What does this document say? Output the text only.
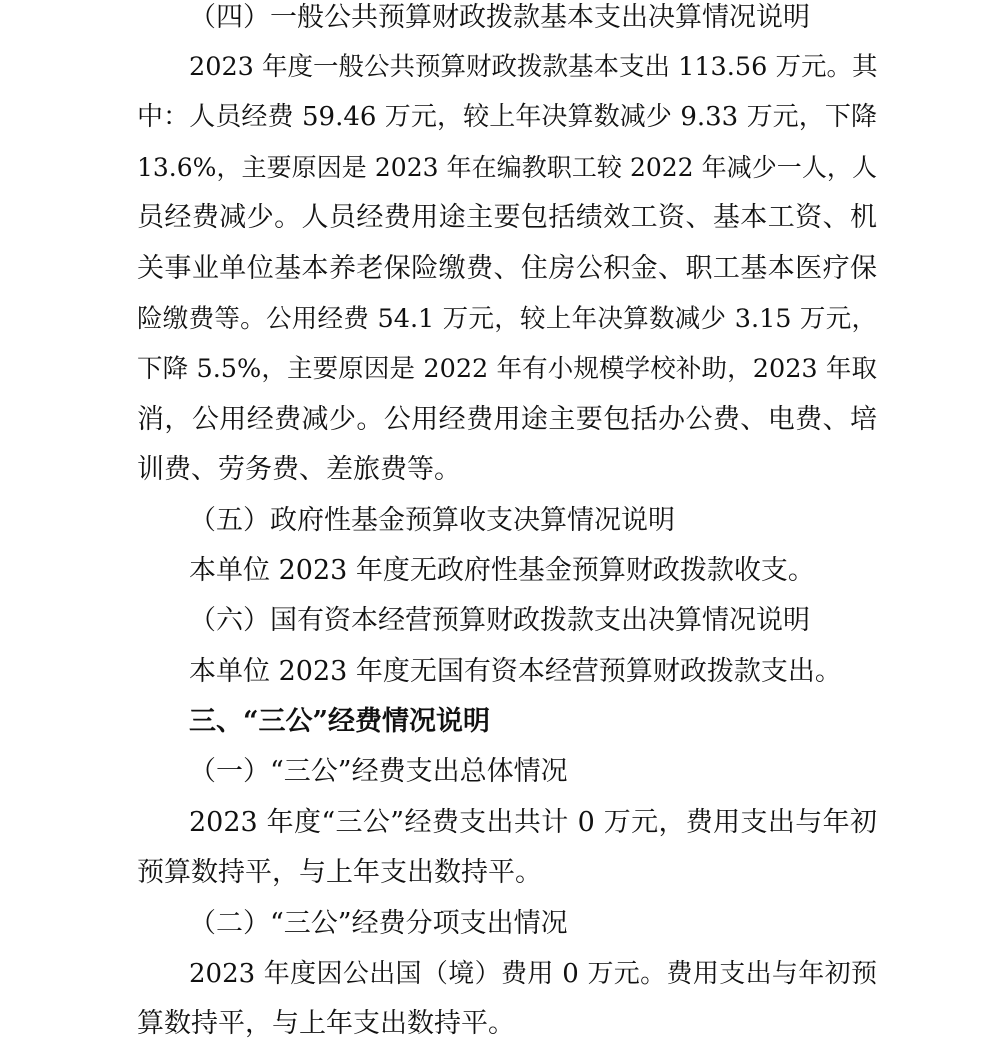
（四）一般公共预算财政拨款基本支出决算情况说明
2023 年度一般公共预算财政拨款基本支出 113.56 万元。其
中：人员经费 59.46 万元，较上年决算数减少 9.33 万元，下降
13.6%，主要原因是 2023 年在编教职工较 2022 年减少一人，人
员经费减少。人员经费用途主要包括绩效工资、基本工资、机
关事业单位基本养老保险缴费、住房公积金、职工基本医疗保
险缴费等。公用经费 54.1 万元，较上年决算数减少 3.15 万元，
下降 5.5%，主要原因是 2022 年有小规模学校补助，2023 年取
消，公用经费减少。公用经费用途主要包括办公费、电费、培
训费、劳务费、差旅费等。
（五）政府性基金预算收支决算情况说明
本单位 2023 年度无政府性基金预算财政拨款收支。
（六）国有资本经营预算财政拨款支出决算情况说明
本单位 2023 年度无国有资本经营预算财政拨款支出。
三、“三公”经费情况说明
（一）“三公”经费支出总体情况
2023 年度“三公”经费支出共计 0 万元，费用支出与年初
预算数持平，与上年支出数持平。
（二）“三公”经费分项支出情况
2023 年度因公出国（境）费用 0 万元。费用支出与年初预
算数持平，与上年支出数持平。
